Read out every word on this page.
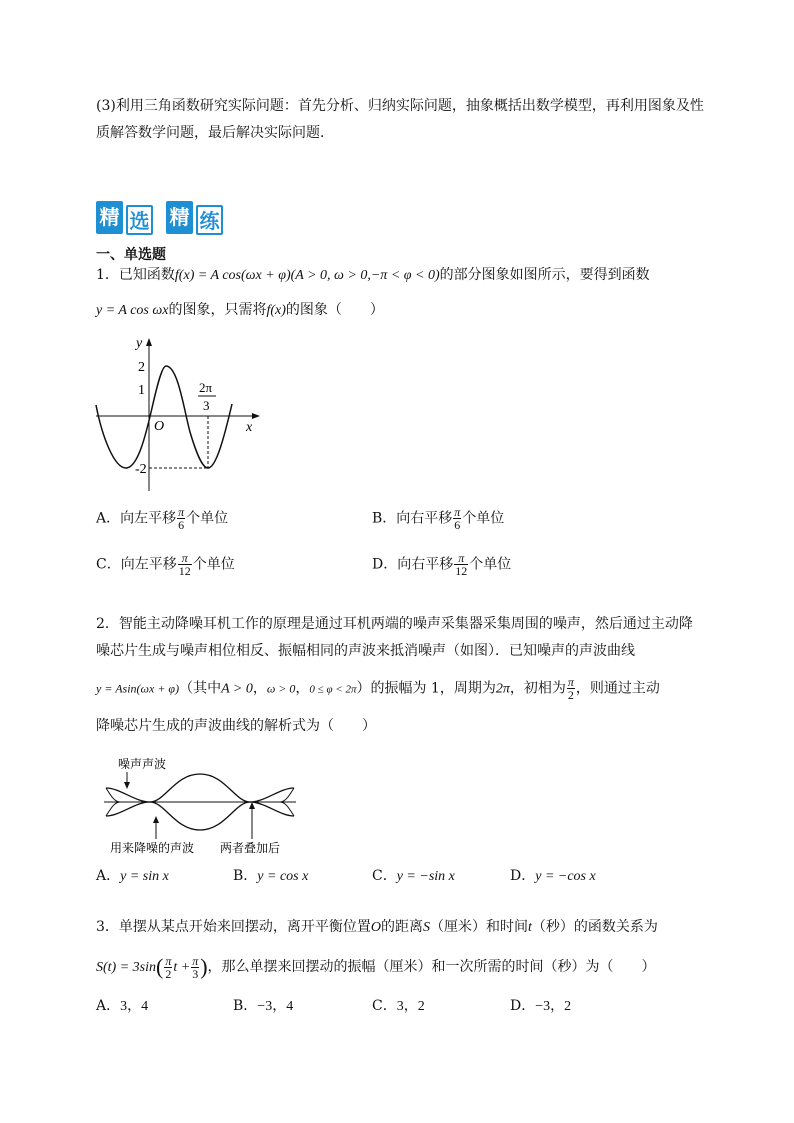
(3)利用三角函数研究实际问题：首先分析、归纳实际问题，抽象概括出数学模型，再利用图象及性
质解答数学问题，最后解决实际问题．
精 选 精 练
一、单选题
1．已知函数f(x) = A cos(ωx + φ)(A > 0, ω > 0,−π < φ < 0)的部分图象如图所示，要得到函数
y = A cos ωx的图象，只需将f(x)的图象（　　）
y
x
O
2
1
-2
2π
3
A．向左平移 $\frac{\pi}{6}$ 个单位	B．向右平移 $\frac{\pi}{6}$ 个单位
C．向左平移 $\frac{\pi}{12}$ 个单位	D．向右平移 $\frac{\pi}{12}$ 个单位
2．智能主动降噪耳机工作的原理是通过耳机两端的噪声采集器采集周围的噪声，然后通过主动降
噪芯片生成与噪声相位相反、振幅相同的声波来抵消噪声（如图）．已知噪声的声波曲线
y = Asin(ωx + φ)（其中A > 0，ω > 0，0 ≤ φ < 2π）的振幅为 1，周期为2π，初相为 $\frac{\pi}{2}$ ，则通过主动
降噪芯片生成的声波曲线的解析式为（　　）
噪声声波
用来降噪的声波 两者叠加后
A．y = sin x	B．y = cos x	C．y = −sin x	D．y = −cos x
3．单摆从某点开始来回摆动，离开平衡位置O的距离S（厘米）和时间t（秒）的函数关系为
$S(t) = 3\sin( \frac{\pi}{2}$ $t + \frac{\pi}{3}$ )，那么单摆来回摆动的振幅（厘米）和一次所需的时间（秒）为（　　）
A．3，4	B．−3，4	C．3，2	D．−3，2
